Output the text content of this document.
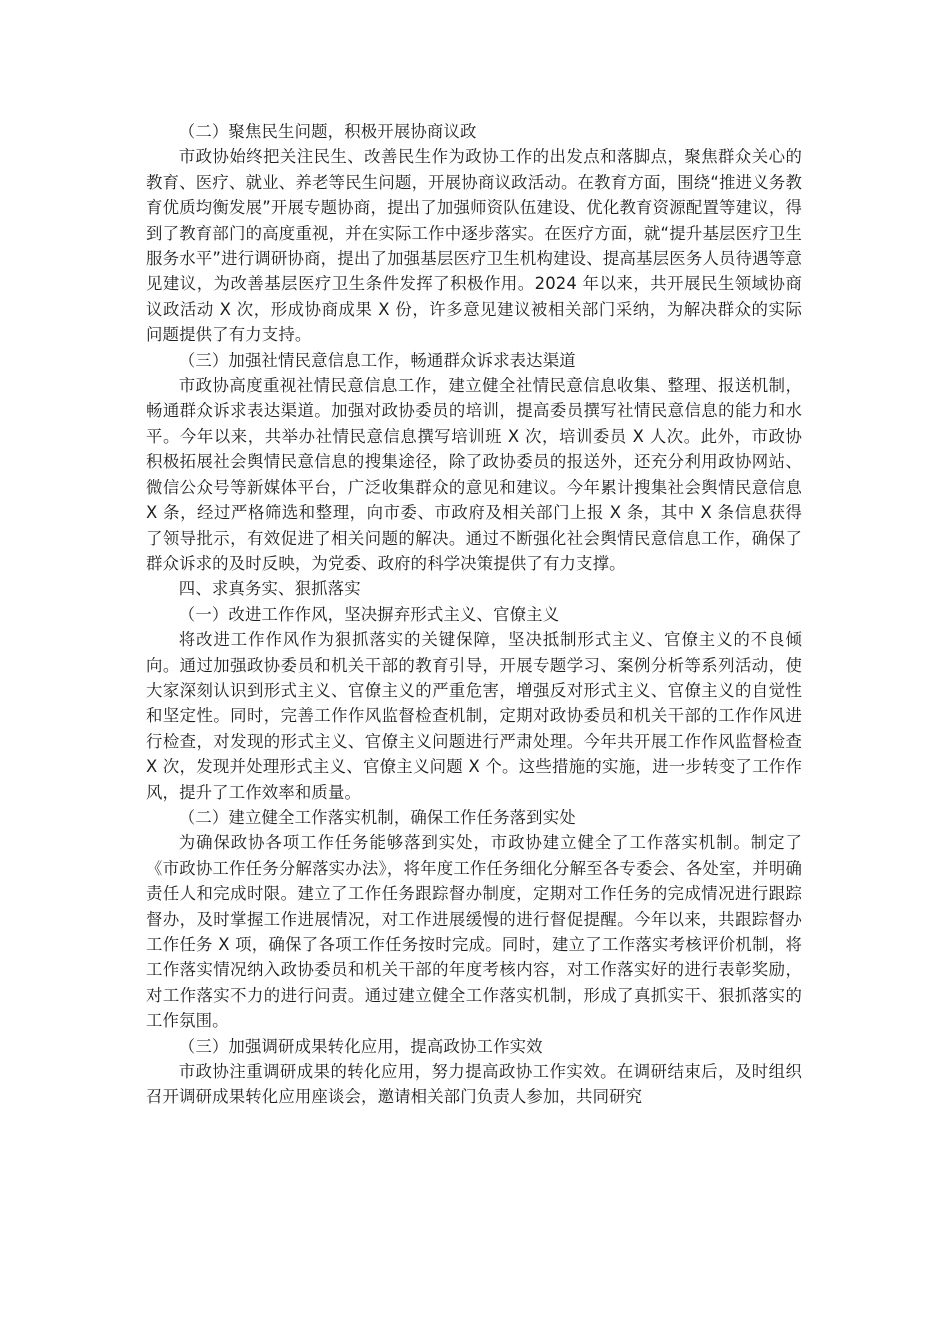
（二）聚焦民生问题，积极开展协商议政

市政协始终把关注民生、改善民生作为政协工作的出发点和落脚点，聚焦群众关心的教育、医疗、就业、养老等民生问题，开展协商议政活动。在教育方面，围绕“推进义务教育优质均衡发展”开展专题协商，提出了加强师资队伍建设、优化教育资源配置等建议，得到了教育部门的高度重视，并在实际工作中逐步落实。在医疗方面，就“提升基层医疗卫生服务水平”进行调研协商，提出了加强基层医疗卫生机构建设、提高基层医务人员待遇等意见建议，为改善基层医疗卫生条件发挥了积极作用。2024 年以来，共开展民生领域协商议政活动 X 次，形成协商成果 X 份，许多意见建议被相关部门采纳，为解决群众的实际问题提供了有力支持。

（三）加强社情民意信息工作，畅通群众诉求表达渠道

市政协高度重视社情民意信息工作，建立健全社情民意信息收集、整理、报送机制，畅通群众诉求表达渠道。加强对政协委员的培训，提高委员撰写社情民意信息的能力和水平。今年以来，共举办社情民意信息撰写培训班 X 次，培训委员 X 人次。此外，市政协积极拓展社会舆情民意信息的搜集途径，除了政协委员的报送外，还充分利用政协网站、微信公众号等新媒体平台，广泛收集群众的意见和建议。今年累计搜集社会舆情民意信息 X 条，经过严格筛选和整理，向市委、市政府及相关部门上报 X 条，其中 X 条信息获得了领导批示，有效促进了相关问题的解决。通过不断强化社会舆情民意信息工作，确保了群众诉求的及时反映，为党委、政府的科学决策提供了有力支撑。

四、求真务实、狠抓落实

（一）改进工作作风，坚决摒弃形式主义、官僚主义

将改进工作作风作为狠抓落实的关键保障，坚决抵制形式主义、官僚主义的不良倾向。通过加强政协委员和机关干部的教育引导，开展专题学习、案例分析等系列活动，使大家深刻认识到形式主义、官僚主义的严重危害，增强反对形式主义、官僚主义的自觉性和坚定性。同时，完善工作作风监督检查机制，定期对政协委员和机关干部的工作作风进行检查，对发现的形式主义、官僚主义问题进行严肃处理。今年共开展工作作风监督检查 X 次，发现并处理形式主义、官僚主义问题 X 个。这些措施的实施，进一步转变了工作作风，提升了工作效率和质量。

（二）建立健全工作落实机制，确保工作任务落到实处

为确保政协各项工作任务能够落到实处，市政协建立健全了工作落实机制。制定了《市政协工作任务分解落实办法》，将年度工作任务细化分解至各专委会、各处室，并明确责任人和完成时限。建立了工作任务跟踪督办制度，定期对工作任务的完成情况进行跟踪督办，及时掌握工作进展情况，对工作进展缓慢的进行督促提醒。今年以来，共跟踪督办工作任务 X 项，确保了各项工作任务按时完成。同时，建立了工作落实考核评价机制，将工作落实情况纳入政协委员和机关干部的年度考核内容，对工作落实好的进行表彰奖励，对工作落实不力的进行问责。通过建立健全工作落实机制，形成了真抓实干、狠抓落实的工作氛围。

（三）加强调研成果转化应用，提高政协工作实效

市政协注重调研成果的转化应用，努力提高政协工作实效。在调研结束后，及时组织召开调研成果转化应用座谈会，邀请相关部门负责人参加，共同研究
